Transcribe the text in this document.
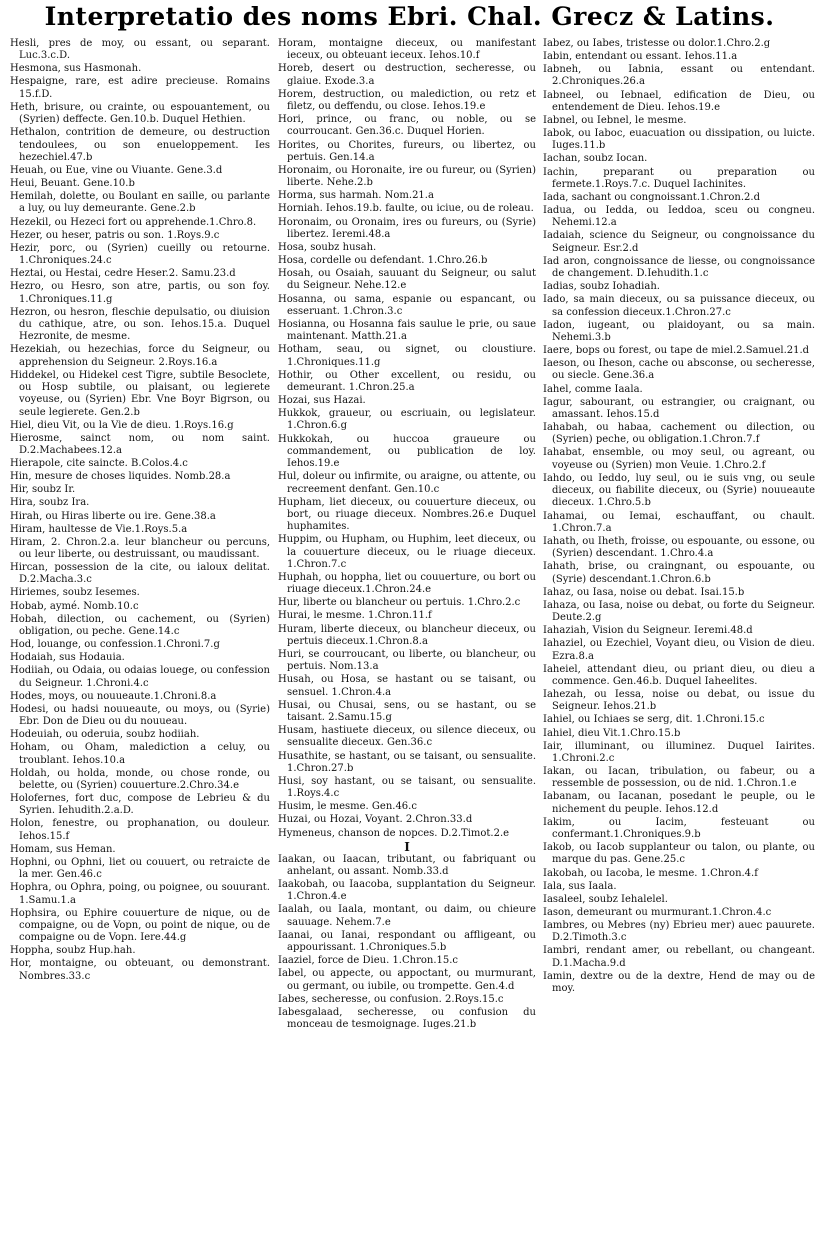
Interpretatio des noms Ebri. Chal. Grecz & Latins.
Hesli, pres de moy, ou essant, ou separant. Luc.3.c.D.
Hesmona, sus Hasmonah.
Hespaigne, rare, est adire precieuse. Romains 15.f.D.
Heth, brisure, ou crainte, ou espouantement, ou (Syrien) deffecte. Gen.10.b. Duquel Hethien.
Hethalon, contrition de demeure, ou destruction tendoulees, ou son enueloppement. Ies hezechiel.47.b
Heuah, ou Eue, vine ou Viuante. Gene.3.d
Heui, Beuant. Gene.10.b
Hemilah, dolette, ou Boulant en saille, ou parlante a luy, ou luy demeurante. Gene.2.b
Hezekil, ou Hezeci fort ou apprehende.1.Chro.8.
Hezer, ou heser, patris ou son. 1.Roys.9.c
Hezir, porc, ou (Syrien) cueilly ou retourne. 1.Chroniques.24.c
Heztai, ou Hestai, cedre Heser.2. Samu.23.d
Hezro, ou Hesro, son atre, partis, ou son foy. 1.Chroniques.11.g
Hezron, ou hesron, fleschie depulsatio, ou diuision du cathique, atre, ou son. Iehos.15.a. Duquel Hezronite, de mesme.
Hezekiah, ou hezechias, force du Seigneur, ou apprehension du Seigneur. 2.Roys.16.a
Hiddekel, ou Hidekel cest Tigre, subtile Besoclete, ou Hosp subtile, ou plaisant, ou legierete voyeuse, ou (Syrien) Ebr. Vne Boyr Bigrson, ou seule legierete. Gen.2.b
Hiel, dieu Vit, ou la Vie de dieu. 1.Roys.16.g
Hierosme, sainct nom, ou nom saint. D.2.Machabees.12.a
Hierapole, cite saincte. B.Colos.4.c
Hin, mesure de choses liquides. Nomb.28.a
Hir, soubz Ir.
Hira, soubz Ira.
Hirah, ou Hiras liberte ou ire. Gene.38.a
Hiram, haultesse de Vie.1.Roys.5.a
Hiram, 2. Chron.2.a. leur blancheur ou percuns, ou leur liberte, ou destruissant, ou maudissant.
Hircan, possession de la cite, ou ialoux delitat. D.2.Macha.3.c
Hiriemes, soubz Iesemes.
Hobab, aymé. Nomb.10.c
Hobah, dilection, ou cachement, ou (Syrien) obligation, ou peche. Gene.14.c
Hod, louange, ou confession.1.Chroni.7.g
Hodaiah, sus Hodauia.
Hodiiah, ou Odaia, ou odaias louege, ou confession du Seigneur. 1.Chroni.4.c
Hodes, moys, ou nouueaute.1.Chroni.8.a
Hodesi, ou hadsi nouueaute, ou moys, ou (Syrie) Ebr. Don de Dieu ou du nouueau.
Hodeuiah, ou oderuia, soubz hodiiah.
Hoham, ou Oham, malediction a celuy, ou troublant. Iehos.10.a
Holdah, ou holda, monde, ou chose ronde, ou belette, ou (Syrien) couuerture.2.Chro.34.e
Holofernes, fort duc, compose de Lebrieu & du Syrien. Iehudith.2.a.D.
Holon, fenestre, ou prophanation, ou douleur. Iehos.15.f
Homam, sus Heman.
Hophni, ou Ophni, liet ou couuert, ou retraicte de la mer. Gen.46.c
Hophra, ou Ophra, poing, ou poignee, ou souurant. 1.Samu.1.a
Hophsira, ou Ephire couuerture de nique, ou de compaigne, ou de Vopn, ou point de nique, ou de compaigne ou de Vopn. Iere.44.g
Hoppha, soubz Hup.hah.
Hor, montaigne, ou obteuant, ou demonstrant. Nombres.33.c
Horam, montaigne dieceux, ou manifestant ieceux, ou obteuant ieceux. Iehos.10.f
Horeb, desert ou destruction, secheresse, ou glaiue. Exode.3.a
Horem, destruction, ou malediction, ou retz et filetz, ou deffendu, ou close. Iehos.19.e
Hori, prince, ou franc, ou noble, ou se courroucant. Gen.36.c. Duquel Horien.
Horites, ou Chorites, fureurs, ou libertez, ou pertuis. Gen.14.a
Horonaim, ou Horonaite, ire ou fureur, ou (Syrien) liberte. Nehe.2.b
Horma, sus harmah. Nom.21.a
Horniah. Iehos.19.b. faulte, ou iciue, ou de roleau.
Horonaim, ou Oronaim, ires ou fureurs, ou (Syrie) libertez. Ieremi.48.a
Hosa, soubz husah.
Hosa, cordelle ou defendant. 1.Chro.26.b
Hosah, ou Osaiah, sauuant du Seigneur, ou salut du Seigneur. Nehe.12.e
Hosanna, ou sama, espanie ou espancant, ou esseruant. 1.Chron.3.c
Hosianna, ou Hosanna fais saulue le prie, ou saue maintenant. Matth.21.a
Hotham, seau, ou signet, ou cloustiure. 1.Chroniques.11.g
Hothir, ou Other excellent, ou residu, ou demeurant. 1.Chron.25.a
Hozai, sus Hazai.
Hukkok, graueur, ou escriuain, ou legislateur. 1.Chron.6.g
Hukkokah, ou huccoa graueure ou commandement, ou publication de loy. Iehos.19.e
Hul, doleur ou infirmite, ou araigne, ou attente, ou recreement denfant. Gen.10.c
Hupham, liet dieceux, ou couuerture dieceux, ou bort, ou riuage dieceux. Nombres.26.e Duquel huphamites.
Huppim, ou Hupham, ou Huphim, leet dieceux, ou la couuerture dieceux, ou le riuage dieceux. 1.Chron.7.c
Huphah, ou hoppha, liet ou couuerture, ou bort ou riuage dieceux.1.Chron.24.e
Hur, liberte ou blancheur ou pertuis. 1.Chro.2.c
Hurai, le mesme. 1.Chron.11.f
Huram, liberte dieceux, ou blancheur dieceux, ou pertuis dieceux.1.Chron.8.a
Huri, se courroucant, ou liberte, ou blancheur, ou pertuis. Nom.13.a
Husah, ou Hosa, se hastant ou se taisant, ou sensuel. 1.Chron.4.a
Husai, ou Chusai, sens, ou se hastant, ou se taisant. 2.Samu.15.g
Husam, hastiuete dieceux, ou silence dieceux, ou sensualite dieceux. Gen.36.c
Husathite, se hastant, ou se taisant, ou sensualite. 1.Chron.27.b
Husi, soy hastant, ou se taisant, ou sensualite. 1.Roys.4.c
Husim, le mesme. Gen.46.c
Huzai, ou Hozai, Voyant. 2.Chron.33.d
Hymeneus, chanson de nopces. D.2.Timot.2.e
I
Iaakan, ou Iaacan, tributant, ou fabriquant ou anhelant, ou assant. Nomb.33.d
Iaakobah, ou Iaacoba, supplantation du Seigneur. 1.Chron.4.e
Iaalah, ou Iaala, montant, ou daim, ou chieure sauuage. Nehem.7.e
Iaanai, ou Ianai, respondant ou affligeant, ou appourissant. 1.Chroniques.5.b
Iaaziel, force de Dieu. 1.Chron.15.c
Iabel, ou appecte, ou appoctant, ou murmurant, ou germant, ou iubile, ou trompette. Gen.4.d
Iabes, secheresse, ou confusion. 2.Roys.15.c
Iabesgalaad, secheresse, ou confusion du monceau de tesmoignage. Iuges.21.b
Iabez, ou Iabes, tristesse ou dolor.1.Chro.2.g
Iabin, entendant ou essant. Iehos.11.a
Iabneh, ou Iabnia, essant ou entendant. 2.Chroniques.26.a
Iabneel, ou Iebnael, edification de Dieu, ou entendement de Dieu. Iehos.19.e
Iabnel, ou Iebnel, le mesme.
Iabok, ou Iaboc, euacuation ou dissipation, ou luicte. Iuges.11.b
Iachan, soubz Iocan.
Iachin, preparant ou preparation ou fermete.1.Roys.7.c. Duquel Iachinites.
Iada, sachant ou congnoissant.1.Chron.2.d
Iadua, ou Iedda, ou Ieddoa, sceu ou congneu. Nehemi.12.a
Iadaiah, science du Seigneur, ou congnoissance du Seigneur. Esr.2.d
Iad aron, congnoissance de liesse, ou congnoissance de changement. D.Iehudith.1.c
Iadias, soubz Iohadiah.
Iado, sa main dieceux, ou sa puissance dieceux, ou sa confession dieceux.1.Chron.27.c
Iadon, iugeant, ou plaidoyant, ou sa main. Nehemi.3.b
Iaere, bops ou forest, ou tape de miel.2.Samuel.21.d
Iaeson, ou Iheson, cache ou absconse, ou secheresse, ou siecle. Gene.36.a
Iahel, comme Iaala.
Iagur, sabourant, ou estrangier, ou craignant, ou amassant. Iehos.15.d
Iahabah, ou habaa, cachement ou dilection, ou (Syrien) peche, ou obligation.1.Chron.7.f
Iahabat, ensemble, ou moy seul, ou agreant, ou voyeuse ou (Syrien) mon Veuie. 1.Chro.2.f
Iahdo, ou Ieddo, luy seul, ou ie suis vng, ou seule dieceux, ou fiabilite dieceux, ou (Syrie) nouueaute dieceux. 1.Chro.5.b
Iahamai, ou Iemai, eschauffant, ou chault. 1.Chron.7.a
Iahath, ou Iheth, froisse, ou espouante, ou essone, ou (Syrien) descendant. 1.Chro.4.a
Iahath, brise, ou craingnant, ou espouante, ou (Syrie) descendant.1.Chron.6.b
Iahaz, ou Iasa, noise ou debat. Isai.15.b
Iahaza, ou Iasa, noise ou debat, ou forte du Seigneur. Deute.2.g
Iahaziah, Vision du Seigneur. Ieremi.48.d
Iahaziel, ou Ezechiel, Voyant dieu, ou Vision de dieu. Ezra.8.a
Iaheiel, attendant dieu, ou priant dieu, ou dieu a commence. Gen.46.b. Duquel Iaheelites.
Iahezah, ou Iessa, noise ou debat, ou issue du Seigneur. Iehos.21.b
Iahiel, ou Ichiaes se serg, dit. 1.Chroni.15.c
Iahiel, dieu Vit.1.Chro.15.b
Iair, illuminant, ou illuminez. Duquel Iairites. 1.Chroni.2.c
Iakan, ou Iacan, tribulation, ou fabeur, ou a ressemble de possession, ou de nid. 1.Chron.1.e
Iabanam, ou Iacanan, posedant le peuple, ou le nichement du peuple. Iehos.12.d
Iakim, ou Iacim, festeuant ou confermant.1.Chroniques.9.b
Iakob, ou Iacob supplanteur ou talon, ou plante, ou marque du pas. Gene.25.c
Iakobah, ou Iacoba, le mesme. 1.Chron.4.f
Iala, sus Iaala.
Iasaleel, soubz Iehalelel.
Iason, demeurant ou murmurant.1.Chron.4.c
Iambres, ou Mebres (ny) Ebrieu mer) auec pauurete. D.2.Timoth.3.c
Iambri, rendant amer, ou rebellant, ou changeant. D.1.Macha.9.d
Iamin, dextre ou de la dextre, Hend de may ou de moy.
